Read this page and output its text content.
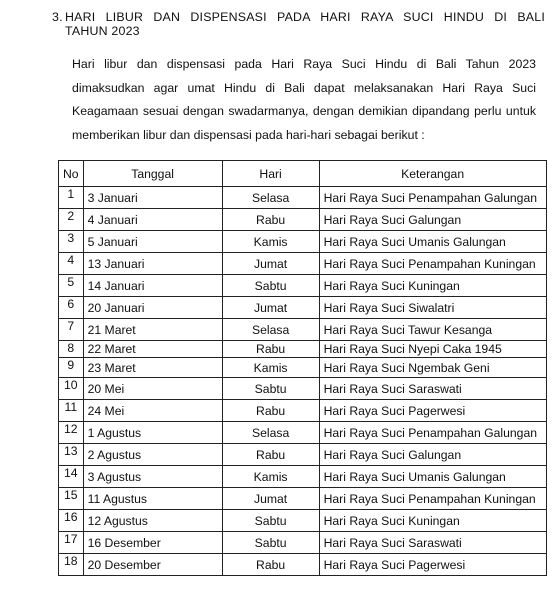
3. HARI LIBUR DAN DISPENSASI PADA HARI RAYA SUCI HINDU DI BALI
TAHUN 2023
Hari libur dan dispensasi pada Hari Raya Suci Hindu di Bali Tahun 2023
dimaksudkan agar umat Hindu di Bali dapat melaksanakan Hari Raya Suci
Keagamaan sesuai dengan swadarmanya, dengan demikian dipandang perlu untuk
memberikan libur dan dispensasi pada hari-hari sebagai berikut :
No	Tanggal	Hari	Keterangan
1	3 Januari	Selasa	Hari Raya Suci Penampahan Galungan
2	4 Januari	Rabu	Hari Raya Suci Galungan
3	5 Januari	Kamis	Hari Raya Suci Umanis Galungan
4	13 Januari	Jumat	Hari Raya Suci Penampahan Kuningan
5	14 Januari	Sabtu	Hari Raya Suci Kuningan
6	20 Januari	Jumat	Hari Raya Suci Siwalatri
7	21 Maret	Selasa	Hari Raya Suci Tawur Kesanga
8	22 Maret	Rabu	Hari Raya Suci Nyepi Caka 1945
9	23 Maret	Kamis	Hari Raya Suci Ngembak Geni
10	20 Mei	Sabtu	Hari Raya Suci Saraswati
11	24 Mei	Rabu	Hari Raya Suci Pagerwesi
12	1 Agustus	Selasa	Hari Raya Suci Penampahan Galungan
13	2 Agustus	Rabu	Hari Raya Suci Galungan
14	3 Agustus	Kamis	Hari Raya Suci Umanis Galungan
15	11 Agustus	Jumat	Hari Raya Suci Penampahan Kuningan
16	12 Agustus	Sabtu	Hari Raya Suci Kuningan
17	16 Desember	Sabtu	Hari Raya Suci Saraswati
18	20 Desember	Rabu	Hari Raya Suci Pagerwesi
